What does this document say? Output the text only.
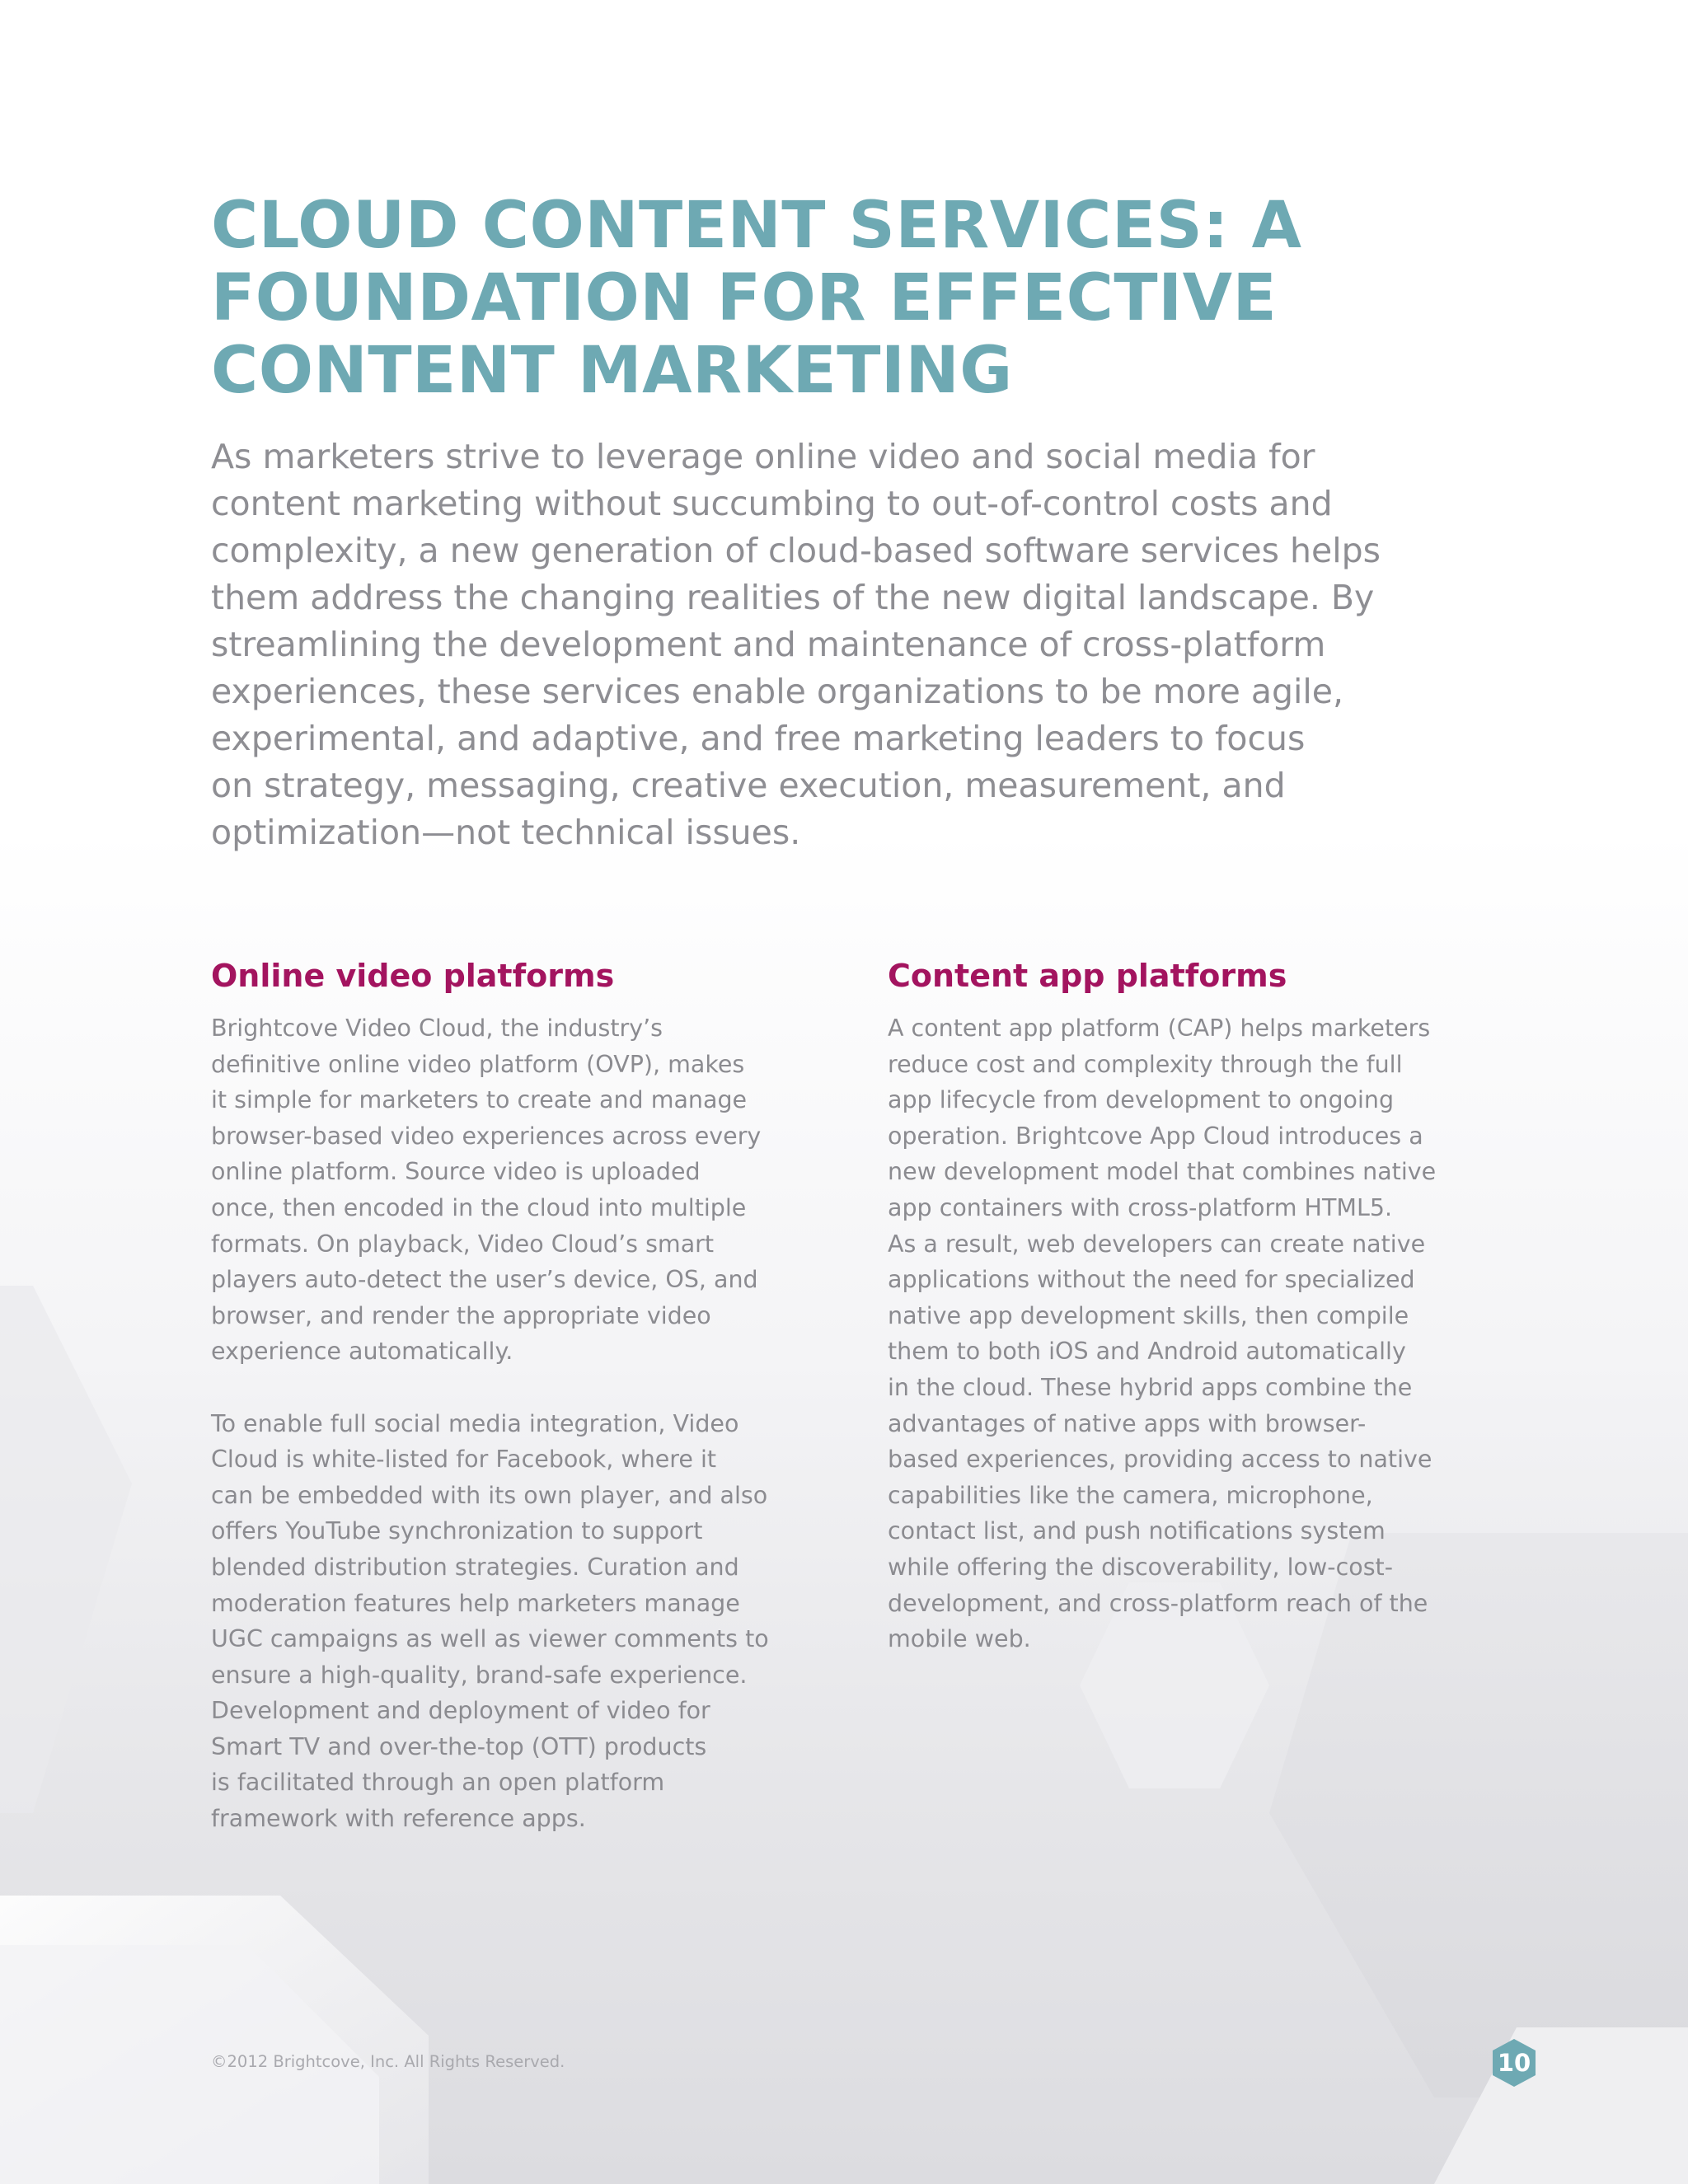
CLOUD CONTENT SERVICES: A
FOUNDATION FOR EFFECTIVE
CONTENT MARKETING

As marketers strive to leverage online video and social media for
content marketing without succumbing to out-of-control costs and
complexity, a new generation of cloud-based software services helps
them address the changing realities of the new digital landscape. By
streamlining the development and maintenance of cross-platform
experiences, these services enable organizations to be more agile,
experimental, and adaptive, and free marketing leaders to focus
on strategy, messaging, creative execution, measurement, and
optimization—not technical issues.

Online video platforms

Brightcove Video Cloud, the industry’s
definitive online video platform (OVP), makes
it simple for marketers to create and manage
browser-based video experiences across every
online platform. Source video is uploaded
once, then encoded in the cloud into multiple
formats. On playback, Video Cloud’s smart
players auto-detect the user’s device, OS, and
browser, and render the appropriate video
experience automatically.

To enable full social media integration, Video
Cloud is white-listed for Facebook, where it
can be embedded with its own player, and also
offers YouTube synchronization to support
blended distribution strategies. Curation and
moderation features help marketers manage
UGC campaigns as well as viewer comments to
ensure a high-quality, brand-safe experience.
Development and deployment of video for
Smart TV and over-the-top (OTT) products
is facilitated through an open platform
framework with reference apps.

Content app platforms

A content app platform (CAP) helps marketers
reduce cost and complexity through the full
app lifecycle from development to ongoing
operation. Brightcove App Cloud introduces a
new development model that combines native
app containers with cross-platform HTML5.
As a result, web developers can create native
applications without the need for specialized
native app development skills, then compile
them to both iOS and Android automatically
in the cloud. These hybrid apps combine the
advantages of native apps with browser-
based experiences, providing access to native
capabilities like the camera, microphone,
contact list, and push notifications system
while offering the discoverability, low-cost-
development, and cross-platform reach of the
mobile web.

©2012 Brightcove, Inc. All Rights Reserved.	10
